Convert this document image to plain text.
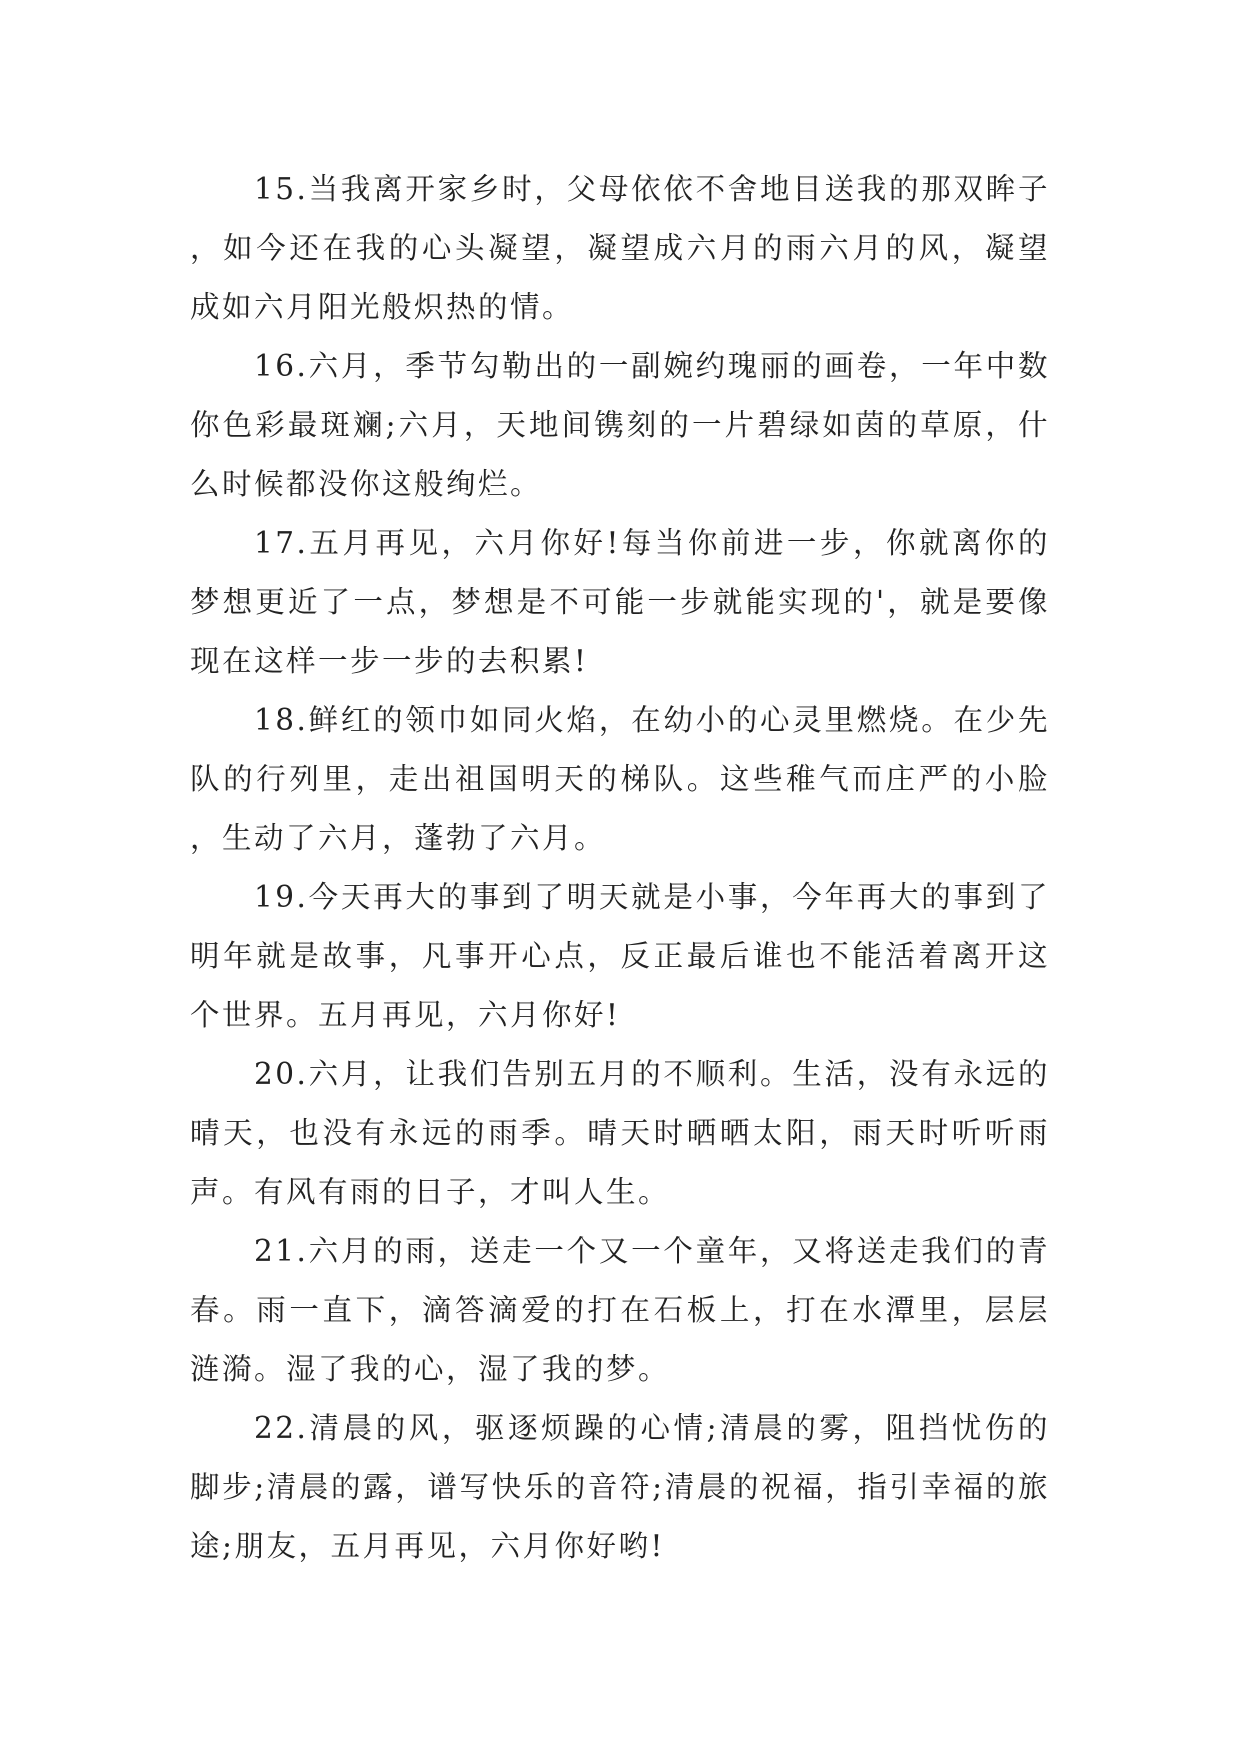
15.当我离开家乡时，父母依依不舍地目送我的那双眸子，如今还在我的心头凝望，凝望成六月的雨六月的风，凝望成如六月阳光般炽热的情。

16.六月，季节勾勒出的一副婉约瑰丽的画卷，一年中数你色彩最斑斓;六月，天地间镌刻的一片碧绿如茵的草原，什么时候都没你这般绚烂。

17.五月再见，六月你好!每当你前进一步，你就离你的梦想更近了一点，梦想是不可能一步就能实现的'，就是要像现在这样一步一步的去积累!

18.鲜红的领巾如同火焰，在幼小的心灵里燃烧。在少先队的行列里，走出祖国明天的梯队。这些稚气而庄严的小脸，生动了六月，蓬勃了六月。

19.今天再大的事到了明天就是小事，今年再大的事到了明年就是故事，凡事开心点，反正最后谁也不能活着离开这个世界。五月再见，六月你好!

20.六月，让我们告别五月的不顺利。生活，没有永远的晴天，也没有永远的雨季。晴天时晒晒太阳，雨天时听听雨声。有风有雨的日子，才叫人生。

21.六月的雨，送走一个又一个童年，又将送走我们的青春。雨一直下，滴答滴爱的打在石板上，打在水潭里，层层涟漪。湿了我的心，湿了我的梦。

22.清晨的风，驱逐烦躁的心情;清晨的雾，阻挡忧伤的脚步;清晨的露，谱写快乐的音符;清晨的祝福，指引幸福的旅途;朋友，五月再见，六月你好哟!
